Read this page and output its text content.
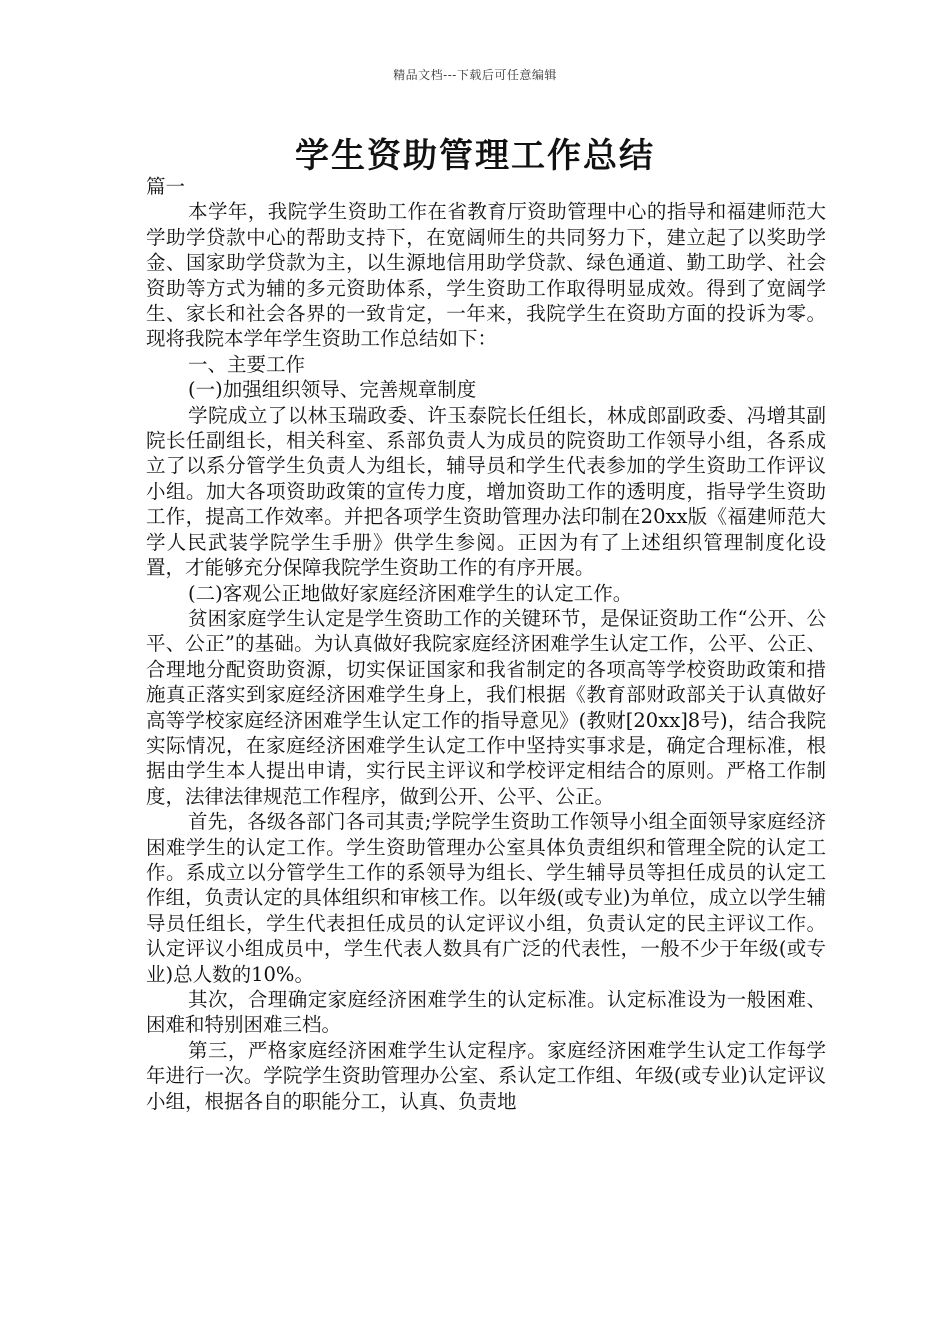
精品文档---下载后可任意编辑
学生资助管理工作总结

篇一

本学年，我院学生资助工作在省教育厅资助管理中心的指导和福建师范大学助学贷款中心的帮助支持下，在宽阔师生的共同努力下，建立起了以奖助学金、国家助学贷款为主，以生源地信用助学贷款、绿色通道、勤工助学、社会资助等方式为辅的多元资助体系，学生资助工作取得明显成效。得到了宽阔学生、家长和社会各界的一致肯定，一年来，我院学生在资助方面的投诉为零。现将我院本学年学生资助工作总结如下：

一、主要工作

(一)加强组织领导、完善规章制度

学院成立了以林玉瑞政委、许玉泰院长任组长，林成郎副政委、冯增其副院长任副组长，相关科室、系部负责人为成员的院资助工作领导小组，各系成立了以系分管学生负责人为组长，辅导员和学生代表参加的学生资助工作评议小组。加大各项资助政策的宣传力度，增加资助工作的透明度，指导学生资助工作，提高工作效率。并把各项学生资助管理办法印制在20xx版《福建师范大学人民武装学院学生手册》供学生参阅。正因为有了上述组织管理制度化设置，才能够充分保障我院学生资助工作的有序开展。

(二)客观公正地做好家庭经济困难学生的认定工作。

贫困家庭学生认定是学生资助工作的关键环节，是保证资助工作“公开、公平、公正”的基础。为认真做好我院家庭经济困难学生认定工作，公平、公正、合理地分配资助资源，切实保证国家和我省制定的各项高等学校资助政策和措施真正落实到家庭经济困难学生身上，我们根据《教育部财政部关于认真做好高等学校家庭经济困难学生认定工作的指导意见》(教财[20xx]8号)，结合我院实际情况，在家庭经济困难学生认定工作中坚持实事求是，确定合理标准，根据由学生本人提出申请，实行民主评议和学校评定相结合的原则。严格工作制度，法律法律规范工作程序，做到公开、公平、公正。

首先，各级各部门各司其责;学院学生资助工作领导小组全面领导家庭经济困难学生的认定工作。学生资助管理办公室具体负责组织和管理全院的认定工作。系成立以分管学生工作的系领导为组长、学生辅导员等担任成员的认定工作组，负责认定的具体组织和审核工作。以年级(或专业)为单位，成立以学生辅导员任组长，学生代表担任成员的认定评议小组，负责认定的民主评议工作。认定评议小组成员中，学生代表人数具有广泛的代表性，一般不少于年级(或专业)总人数的10%。

其次，合理确定家庭经济困难学生的认定标准。认定标准设为一般困难、困难和特别困难三档。

第三，严格家庭经济困难学生认定程序。家庭经济困难学生认定工作每学年进行一次。学院学生资助管理办公室、系认定工作组、年级(或专业)认定评议小组，根据各自的职能分工，认真、负责地
